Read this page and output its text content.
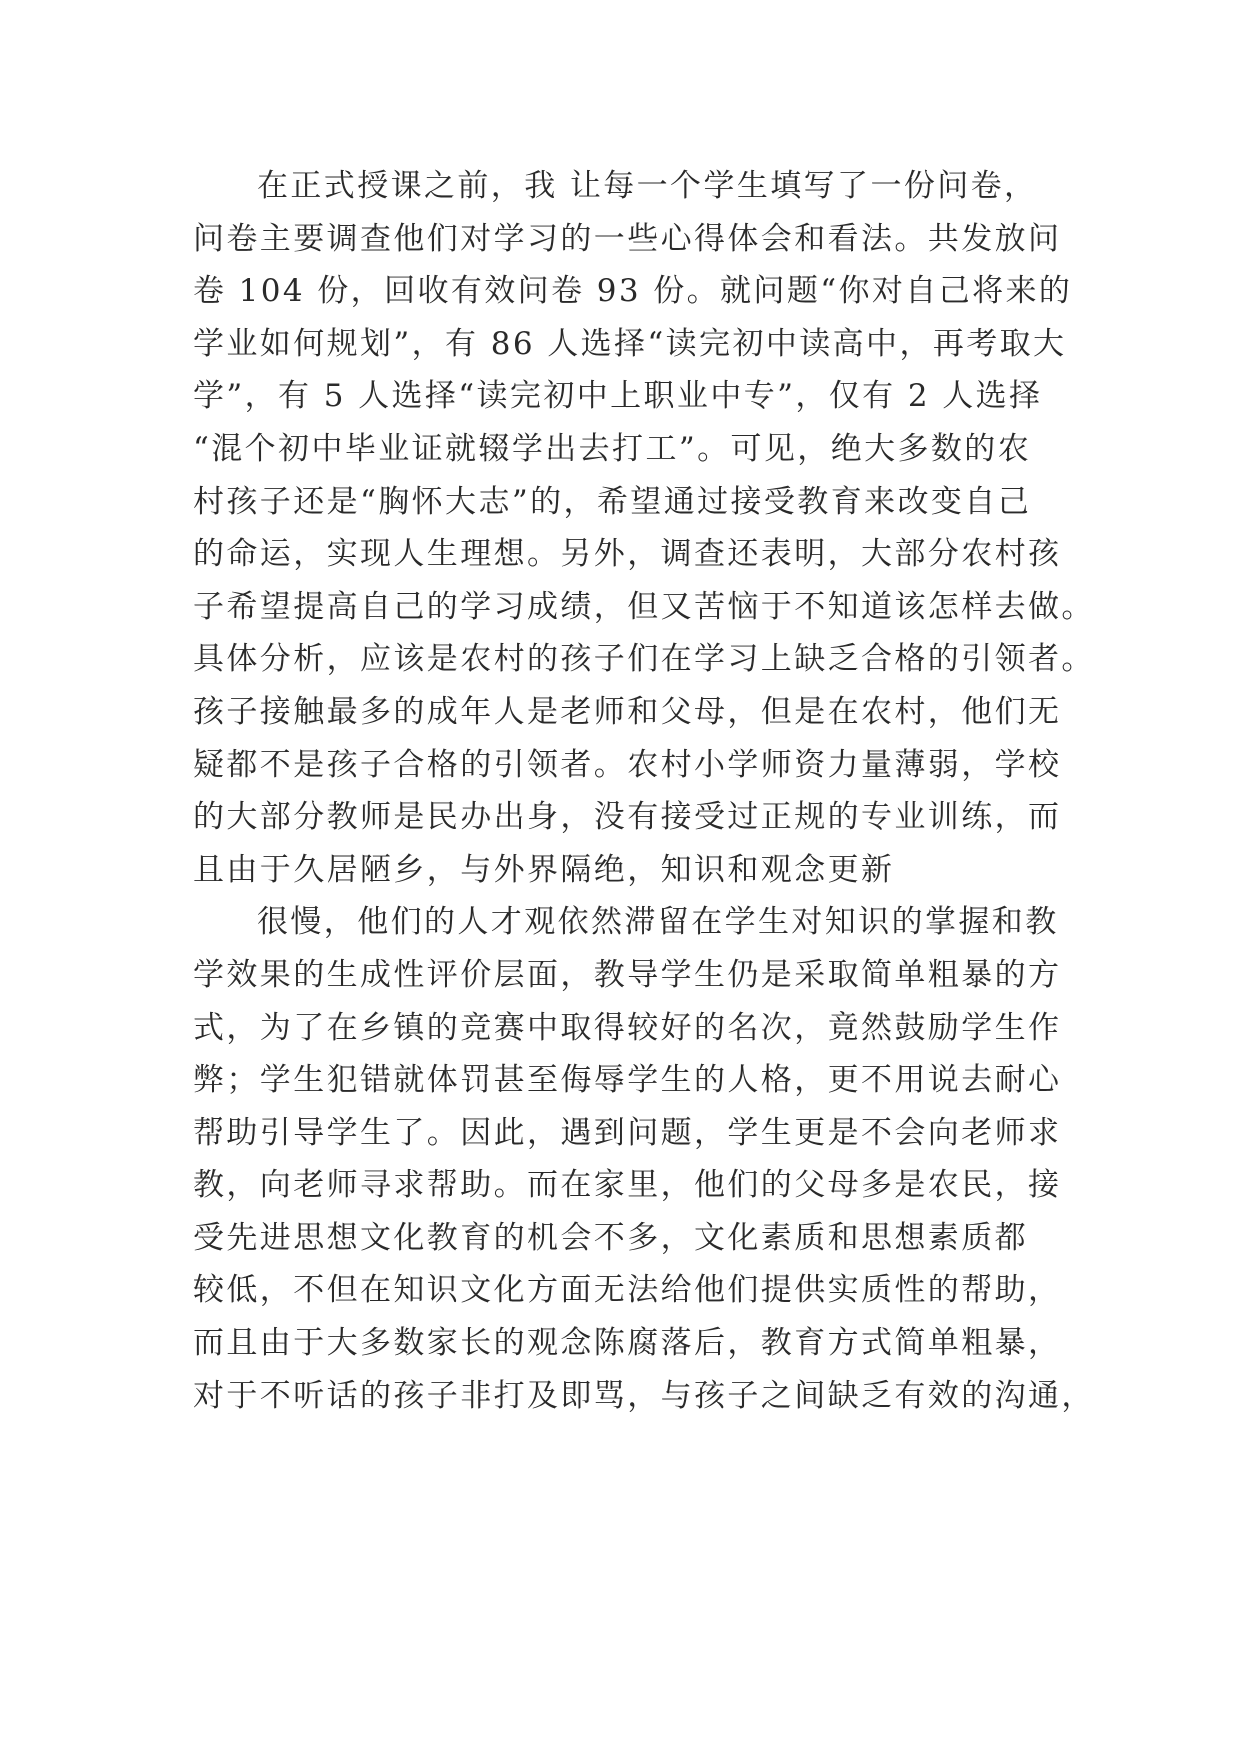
在正式授课之前，我 让每一个学生填写了一份问卷，
问卷主要调查他们对学习的一些心得体会和看法。共发放问
卷 104 份，回收有效问卷 93 份。就问题“你对自己将来的
学业如何规划”，有 86 人选择“读完初中读高中，再考取大
学”，有 5 人选择“读完初中上职业中专”，仅有 2 人选择
“混个初中毕业证就辍学出去打工”。可见，绝大多数的农
村孩子还是“胸怀大志”的，希望通过接受教育来改变自己
的命运，实现人生理想。另外，调查还表明，大部分农村孩
子希望提高自己的学习成绩，但又苦恼于不知道该怎样去做。
具体分析，应该是农村的孩子们在学习上缺乏合格的引领者。
孩子接触最多的成年人是老师和父母，但是在农村，他们无
疑都不是孩子合格的引领者。农村小学师资力量薄弱，学校
的大部分教师是民办出身，没有接受过正规的专业训练，而
且由于久居陋乡，与外界隔绝，知识和观念更新
很慢，他们的人才观依然滞留在学生对知识的掌握和教
学效果的生成性评价层面，教导学生仍是采取简单粗暴的方
式，为了在乡镇的竞赛中取得较好的名次，竟然鼓励学生作
弊；学生犯错就体罚甚至侮辱学生的人格，更不用说去耐心
帮助引导学生了。因此，遇到问题，学生更是不会向老师求
教，向老师寻求帮助。而在家里，他们的父母多是农民，接
受先进思想文化教育的机会不多，文化素质和思想素质都
较低，不但在知识文化方面无法给他们提供实质性的帮助，
而且由于大多数家长的观念陈腐落后，教育方式简单粗暴，
对于不听话的孩子非打及即骂，与孩子之间缺乏有效的沟通，
